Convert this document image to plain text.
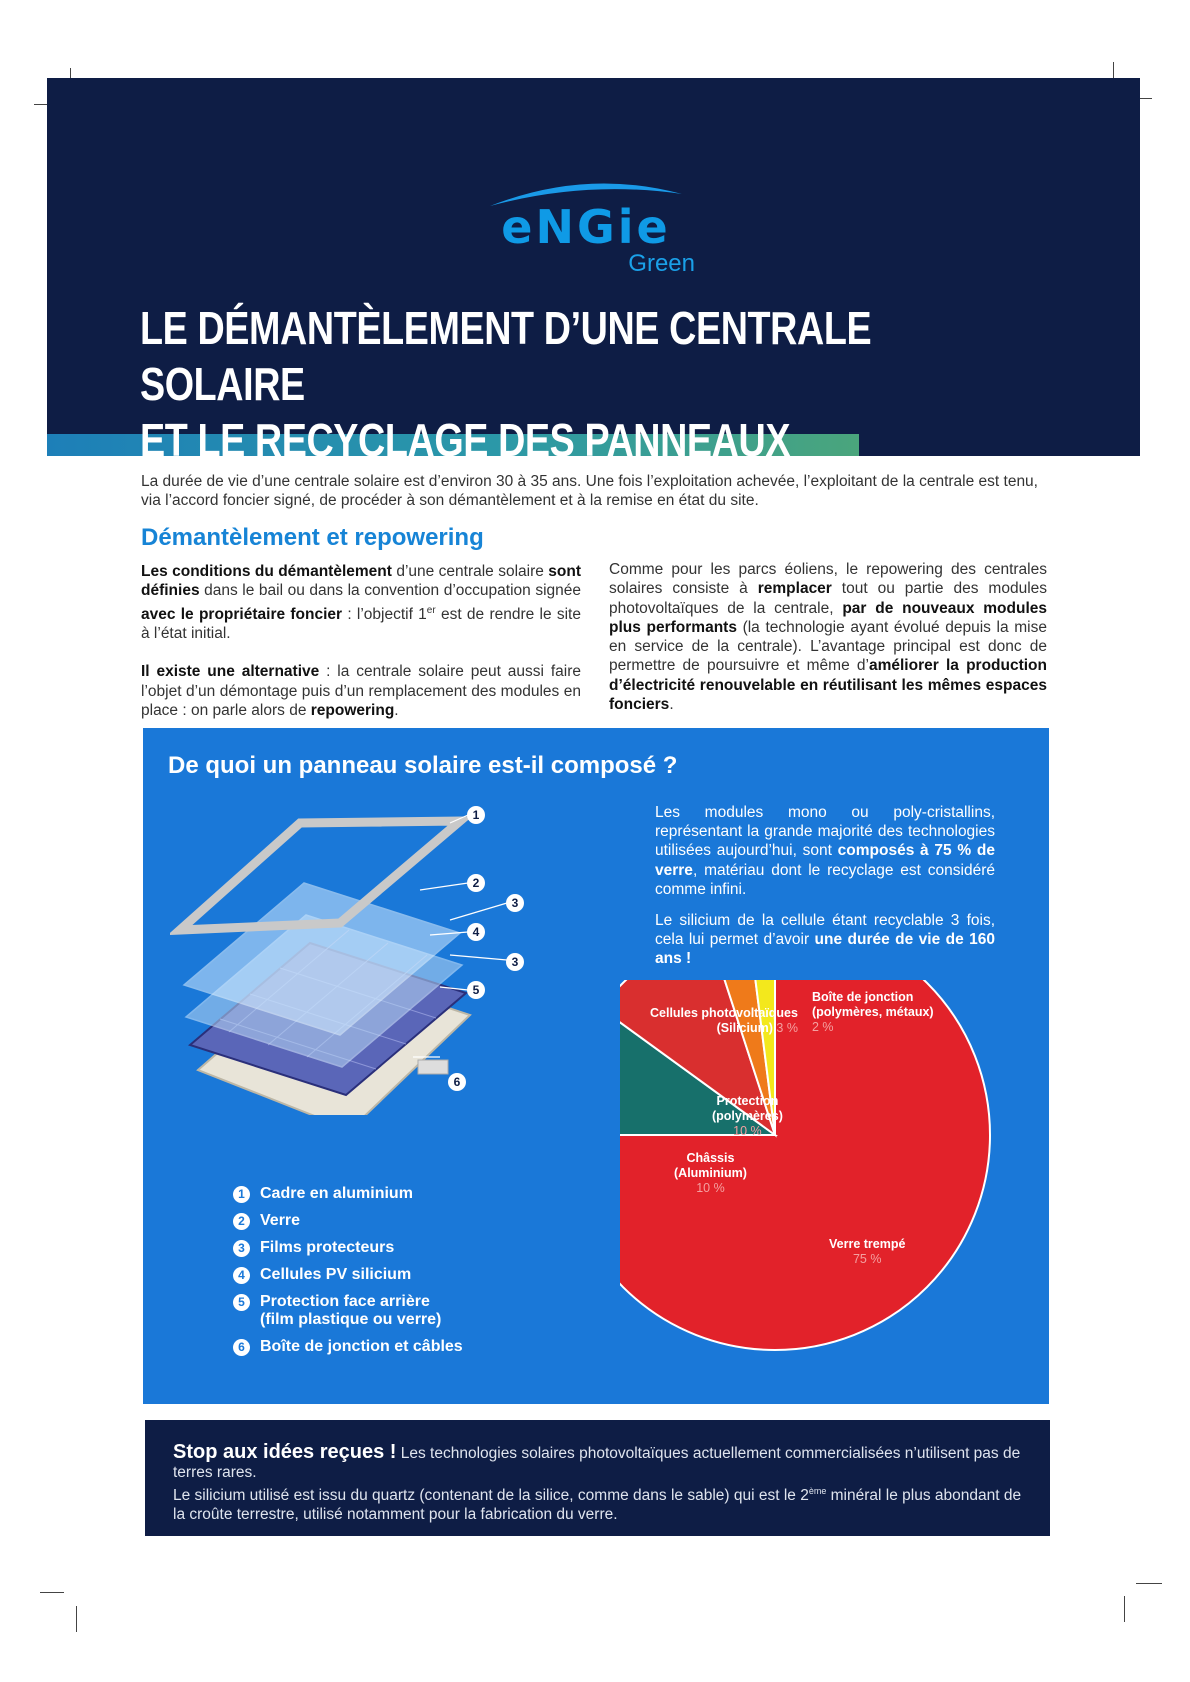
eNGie
Green
LE DÉMANTÈLEMENT D’UNE CENTRALE SOLAIRE
ET LE RECYCLAGE DES PANNEAUX
La durée de vie d’une centrale solaire est d’environ 30 à 35 ans. Une fois l’exploitation achevée, l’exploitant de la centrale est tenu, via l’accord foncier signé, de procéder à son démantèlement et à la remise en état du site.
Démantèlement et repowering

Les conditions du démantèlement d’une centrale solaire sont définies dans le bail ou dans la convention d’occupation signée avec le propriétaire foncier : l’objectif 1er est de rendre le site à l’état initial.

Il existe une alternative : la centrale solaire peut aussi faire l’objet d’un démontage puis d’un remplacement des modules en place : on parle alors de repowering.

Comme pour les parcs éoliens, le repowering des centrales solaires consiste à remplacer tout ou partie des modules photovoltaïques de la centrale, par de nouveaux modules plus performants (la technologie ayant évolué depuis la mise en service de la centrale). L’avantage principal est donc de permettre de poursuivre et même d’améliorer la production d’électricité renouvelable en réutilisant les mêmes espaces fonciers.

De quoi un panneau solaire est-il composé ?
1
2
3
4
3
5
6

Les modules mono ou poly-cristallins, représentant la grande majorité des technologies utilisées aujourd’hui, sont composés à 75 % de verre, matériau dont le recyclage est considéré comme infini.

Le silicium de la cellule étant recyclable 3 fois, cela lui permet d’avoir une durée de vie de 160 ans !

1 Cadre en aluminium
2 Verre
3 Films protecteurs
4 Cellules PV silicium
5 Protection face arrière
(film plastique ou verre)
6 Boîte de jonction et câbles
Verre trempé
75 %
Châssis
(Aluminium)
10 %
Protection
(polymères)
10 %
Cellules photovoltaïques
(Silicium) 3 %
Boîte de jonction
(polymères, métaux)
2 %
Stop aux idées reçues ! Les technologies solaires photovoltaïques actuellement commercialisées n’utilisent pas de terres rares.
Le silicium utilisé est issu du quartz (contenant de la silice, comme dans le sable) qui est le 2ème minéral le plus abondant de la croûte terrestre, utilisé notamment pour la fabrication du verre.
